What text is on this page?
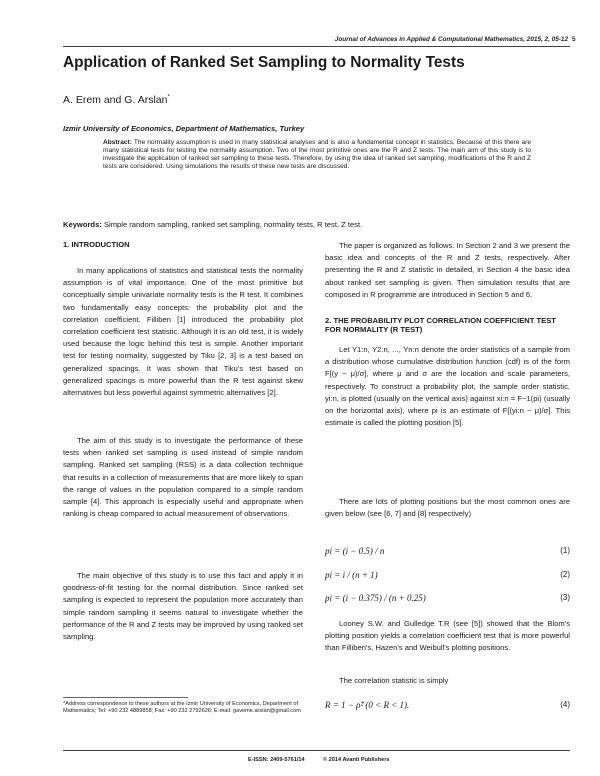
Journal of Advances in Applied & Computational Mathematics, 2015, 2, 05-12 5
Application of Ranked Set Sampling to Normality Tests
A. Erem and G. Arslan*
Izmir University of Economics, Department of Mathematics, Turkey
Abstract: The normality assumption is used in many statistical analyses and is also a fundamental concept in statistics. Because of this there are many statistical tests for testing the normality assumption. Two of the most primitive ones are the R and Z tests. The main aim of this study is to investigate the application of ranked set sampling to these tests. Therefore, by using the idea of ranked set sampling, modifications of the R and Z tests are considered. Using simulations the results of these new tests are discussed.
Keywords: Simple random sampling, ranked set sampling, normality tests, R test, Z test.
1. INTRODUCTION
In many applications of statistics and statistical tests the normality assumption is of vital importance. One of the most primitive but conceptually simple univariate normality tests is the R test. It combines two fundamentally easy concepts: the probability plot and the correlation coefficient. Filliben [1] introduced the probability plot correlation coefficient test statistic. Although it is an old test, it is widely used because the logic behind this test is simple. Another important test for testing normality, suggested by Tiku [2, 3] is a test based on generalized spacings. It was shown that Tiku's test based on generalized spacings is more powerful than the R test against skew alternatives but less powerful against symmetric alternatives [2].
The aim of this study is to investigate the performance of these tests when ranked set sampling is used instead of simple random sampling. Ranked set sampling (RSS) is a data collection technique that results in a collection of measurements that are more likely to span the range of values in the population compared to a simple random sample [4]. This approach is especially useful and appropriate when ranking is cheap compared to actual measurement of observations.
The main objective of this study is to use this fact and apply it in goodness-of-fit testing for the normal distribution. Since ranked set sampling is expected to represent the population more accurately than simple random sampling it seems natural to investigate whether the performance of the R and Z tests may be improved by using ranked set sampling.
*Address correspondence to these authors at the Izmir University of Economics, Department of Mathematics; Tel: +90 232 4889858; Fax: +90 232 2792626; E-mail: gaveme.arslan@gmail.com
The paper is organized as follows. In Section 2 and 3 we present the basic idea and concepts of the R and Z tests, respectively. After presenting the R and Z statistic in detailed, in Section 4 the basic idea about ranked set sampling is given. Then simulation results that are composed in R programme are introduced in Section 5 and 6.
2. THE PROBABILITY PLOT CORRELATION COEFFICIENT TEST FOR NORMALITY (R TEST)
Let Y1:n, Y2:n, ..., Yn:n denote the order statistics of a sample from a distribution whose cumulative distribution function (cdf) is of the form F[(y − μ)/σ], where μ and σ are the location and scale parameters, respectively. To construct a probability plot, the sample order statistic, yi:n, is plotted (usually on the vertical axis) against xi:n = F−1(pi) (usually on the horizontal axis), where pi is an estimate of F[(yi:n − μ)/σ]. This estimate is called the plotting position [5].
There are lots of plotting positions but the most common ones are given below (see [6, 7] and [8] respectively)
pi = (i − 0.5) / n	(1)
pi = i / (n + 1)	(2)
pi = (i − 0.375) / (n + 0.25)	(3)
Looney S.W. and Gulledge T.R (see [5]) showed that the Blom's plotting position yields a correlation coefficient test that is more powerful than Filliben's, Hazen's and Weibull's plotting positions.
The correlation statistic is simply
R = 1 − ρ̂² (0 < R < 1).	(4)
E-ISSN: 2409-5761/14	© 2014 Avanti Publishers
